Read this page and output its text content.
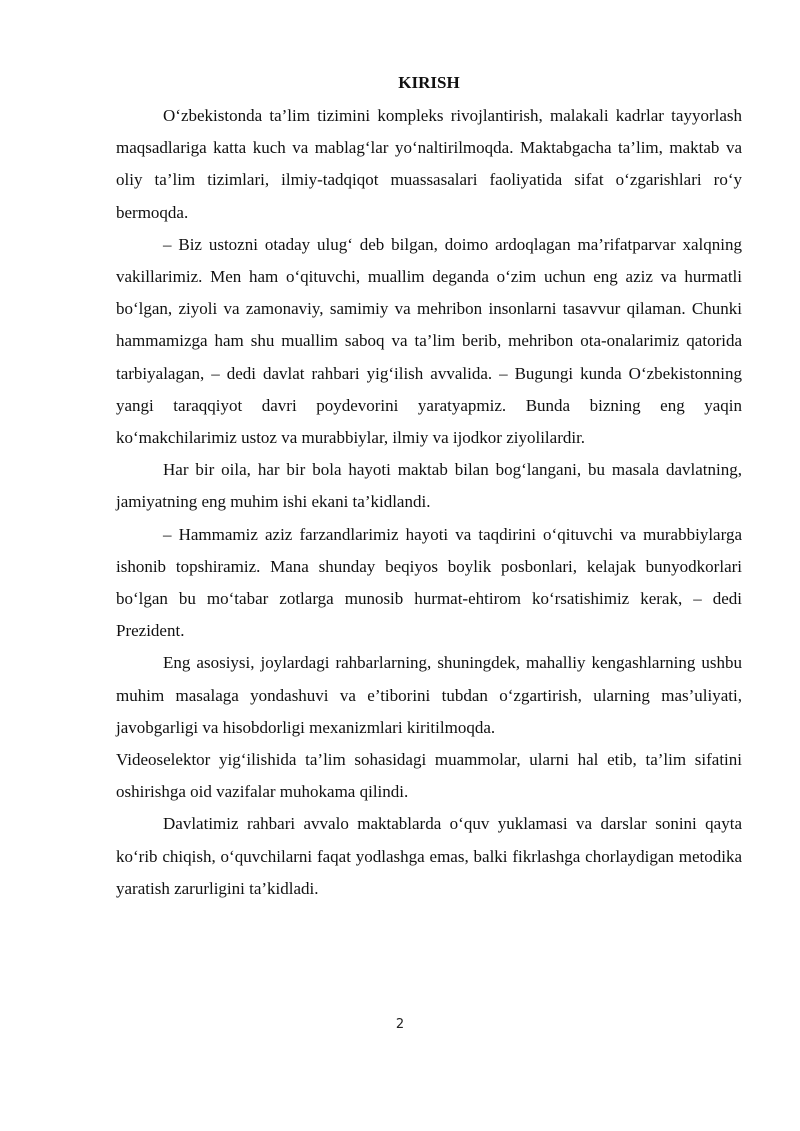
KIRISH

O‘zbekistonda ta’lim tizimini kompleks rivojlantirish, malakali kadrlar tayyorlash maqsadlariga katta kuch va mablag‘lar yo‘naltirilmoqda. Maktabgacha ta’lim, maktab va oliy ta’lim tizimlari, ilmiy-tadqiqot muassasalari faoliyatida sifat o‘zgarishlari ro‘y bermoqda.

– Biz ustozni otaday ulug‘ deb bilgan, doimo ardoqlagan ma’rifatparvar xalqning vakillarimiz. Men ham o‘qituvchi, muallim deganda o‘zim uchun eng aziz va hurmatli bo‘lgan, ziyoli va zamonaviy, samimiy va mehribon insonlarni tasavvur qilaman. Chunki hammamizga ham shu muallim saboq va ta’lim berib, mehribon ota-onalarimiz qatorida tarbiyalagan, – dedi davlat rahbari yig‘ilish avvalida. – Bugungi kunda O‘zbekistonning yangi taraqqiyot davri poydevorini yaratyapmiz. Bunda bizning eng yaqin ko‘makchilarimiz ustoz va murabbiylar, ilmiy va ijodkor ziyolilardir.

Har bir oila, har bir bola hayoti maktab bilan bog‘langani, bu masala davlatning, jamiyatning eng muhim ishi ekani ta’kidlandi.

– Hammamiz aziz farzandlarimiz hayoti va taqdirini o‘qituvchi va murabbiylarga ishonib topshiramiz. Mana shunday beqiyos boylik posbonlari, kelajak bunyodkorlari bo‘lgan bu mo‘tabar zotlarga munosib hurmat-ehtirom ko‘rsatishimiz kerak, – dedi Prezident.

Eng asosiysi, joylardagi rahbarlarning, shuningdek, mahalliy kengashlarning ushbu muhim masalaga yondashuvi va e’tiborini tubdan o‘zgartirish, ularning mas’uliyati, javobgarligi va hisobdorligi mexanizmlari kiritilmoqda.

Videoselektor yig‘ilishida ta’lim sohasidagi muammolar, ularni hal etib, ta’lim sifatini oshirishga oid vazifalar muhokama qilindi.

Davlatimiz rahbari avvalo maktablarda o‘quv yuklamasi va darslar sonini qayta ko‘rib chiqish, o‘quvchilarni faqat yodlashga emas, balki fikrlashga chorlaydigan metodika yaratish zarurligini ta’kidladi.

2
